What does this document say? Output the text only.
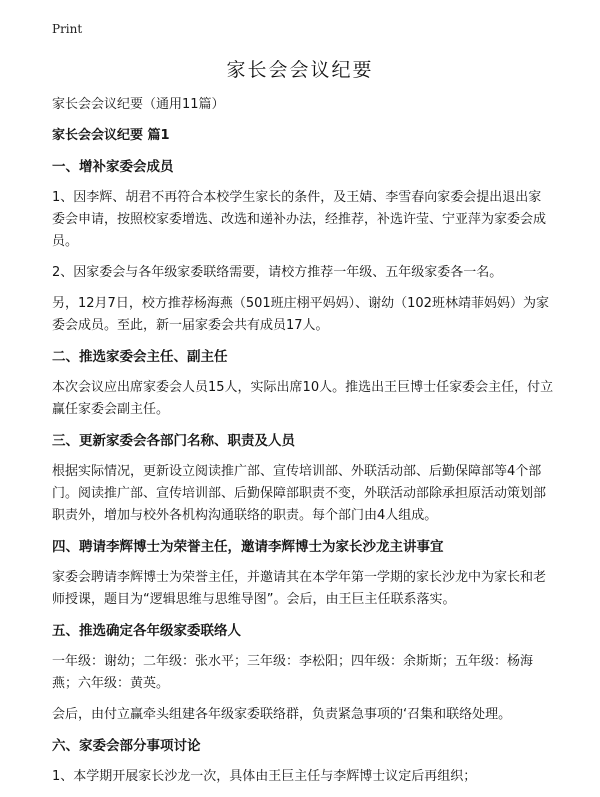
Print
家长会会议纪要

家长会会议纪要（通用11篇）

家长会会议纪要 篇1

一、增补家委会成员

1、因李辉、胡君不再符合本校学生家长的条件，及王婧、李雪春向家委会提出退出家委会申请，按照校家委增选、改选和递补办法，经推荐，补选许莹、宁亚萍为家委会成员。

2、因家委会与各年级家委联络需要，请校方推荐一年级、五年级家委各一名。

另，12月7日，校方推荐杨海燕（501班庄栩平妈妈）、谢幼（102班林靖菲妈妈）为家委会成员。至此，新一届家委会共有成员17人。

二、推选家委会主任、副主任

本次会议应出席家委会人员15人，实际出席10人。推选出王巨博士任家委会主任，付立赢任家委会副主任。

三、更新家委会各部门名称、职责及人员

根据实际情况，更新设立阅读推广部、宣传培训部、外联活动部、后勤保障部等4个部门。阅读推广部、宣传培训部、后勤保障部职责不变，外联活动部除承担原活动策划部职责外，增加与校外各机构沟通联络的职责。每个部门由4人组成。

四、聘请李辉博士为荣誉主任，邀请李辉博士为家长沙龙主讲事宜

家委会聘请李辉博士为荣誉主任，并邀请其在本学年第一学期的家长沙龙中为家长和老师授课，题目为“逻辑思维与思维导图”。会后，由王巨主任联系落实。

五、推选确定各年级家委联络人

一年级：谢幼；二年级：张水平；三年级：李松阳；四年级：余斯斯；五年级：杨海燕；六年级：黄英。

会后，由付立赢牵头组建各年级家委联络群，负责紧急事项的‘召集和联络处理。

六、家委会部分事项讨论

1、本学期开展家长沙龙一次，具体由王巨主任与李辉博士议定后再组织；
